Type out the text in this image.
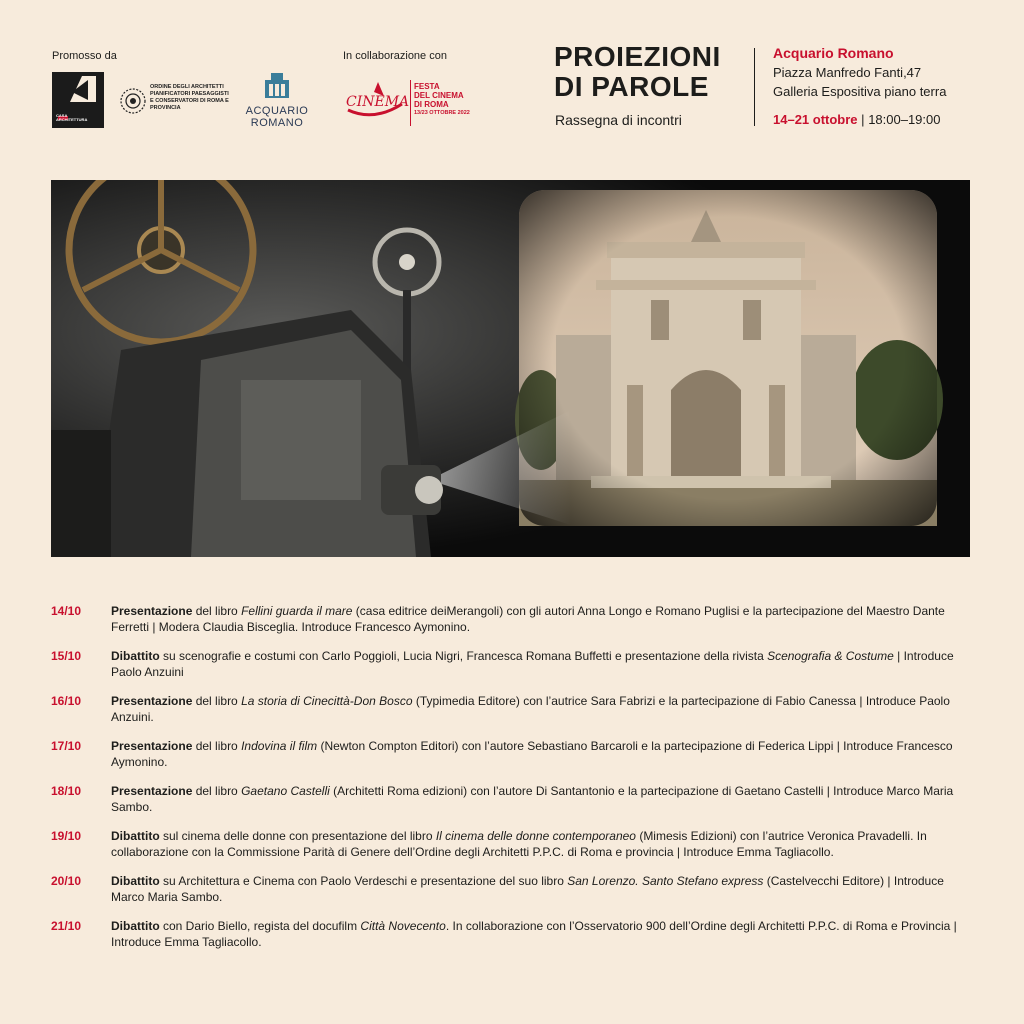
Promosso da	In collaborazione con
CASA
ARCHITETTURA
ORDINE DEGLI ARCHITETTI PIANIFICATORI PAESAGGISTI E CONSERVATORI DI ROMA E PROVINCIA	ACQUARIO
ROMANO
CINEMA
FESTA
DEL CINEMA
DI ROMA
13/23 OTTOBRE 2022
PROIEZIONI
DI PAROLE
Rassegna di incontri
Acquario Romano
Piazza Manfredo Fanti,47
Galleria Espositiva piano terra
14–21 ottobre | 18:00–19:00
14/10	Presentazione del libro Fellini guarda il mare (casa editrice deiMerangoli) con gli autori Anna Longo e Romano Puglisi e la partecipazione del Maestro Dante Ferretti | Modera Claudia Bisceglia. Introduce Francesco Aymonino.
15/10	Dibattito su scenografie e costumi con Carlo Poggioli, Lucia Nigri, Francesca Romana Buffetti e presentazione della rivista Scenografia & Costume | Introduce Paolo Anzuini
16/10	Presentazione del libro La storia di Cinecittà-Don Bosco (Typimedia Editore) con l’autrice Sara Fabrizi e la partecipazione di Fabio Canessa | Introduce Paolo Anzuini.
17/10	Presentazione del libro Indovina il film (Newton Compton Editori) con l’autore Sebastiano Barcaroli e la partecipazione di Federica Lippi | Introduce Francesco Aymonino.
18/10	Presentazione del libro Gaetano Castelli (Architetti Roma edizioni) con l’autore Di Santantonio e la partecipazione di Gaetano Castelli | Introduce Marco Maria Sambo.
19/10	Dibattito sul cinema delle donne con presentazione del libro Il cinema delle donne contemporaneo (Mimesis Edizioni) con l’autrice Veronica Pravadelli. In collaborazione con la Commissione Parità di Genere dell’Ordine degli Architetti P.P.C. di Roma e provincia | Introduce Emma Tagliacollo.
20/10	Dibattito su Architettura e Cinema con Paolo Verdeschi e presentazione del suo libro San Lorenzo. Santo Stefano express (Castelvecchi Editore) | Introduce Marco Maria Sambo.
21/10	Dibattito con Dario Biello, regista del docufilm Città Novecento. In collaborazione con l’Osservatorio 900 dell’Ordine degli Architetti P.P.C. di Roma e Provincia | Introduce Emma Tagliacollo.
